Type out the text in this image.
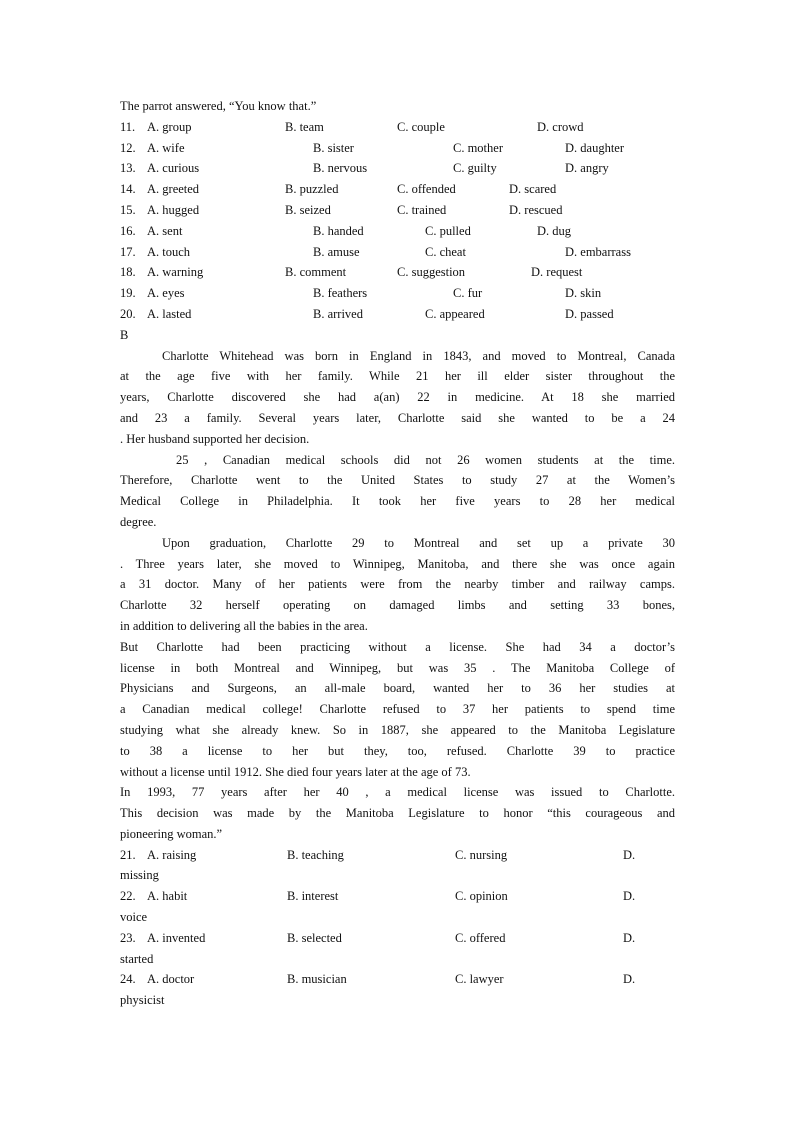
The parrot answered, “You know that.”
11. A. group	B. team	C. couple	D. crowd
12. A. wife	B. sister	C. mother	D. daughter
13. A. curious	B. nervous	C. guilty	D. angry
14. A. greeted	B. puzzled	C. offended	D. scared
15. A. hugged	B. seized	C. trained	D. rescued
16. A. sent	B. handed	C. pulled	D. dug
17. A. touch	B. amuse	C. cheat	D. embarrass
18. A. warning	B. comment	C. suggestion	D. request
19. A. eyes	B. feathers	C. fur	D. skin
20. A. lasted	B. arrived	C. appeared	D. passed
B
Charlotte Whitehead was born in England in 1843, and moved to Montreal, Canada
at the age five with her family. While 21 her ill elder sister throughout the
years, Charlotte discovered she had a(an) 22 in medicine. At 18 she married
and 23 a family. Several years later, Charlotte said she wanted to be a 24
. Her husband supported her decision.
25 , Canadian medical schools did not 26 women students at the time.
Therefore, Charlotte went to the United States to study 27 at the Women’s
Medical College in Philadelphia. It took her five years to 28 her medical
degree.
Upon graduation, Charlotte 29 to Montreal and set up a private 30
. Three years later, she moved to Winnipeg, Manitoba, and there she was once again
a 31 doctor. Many of her patients were from the nearby timber and railway camps.
Charlotte 32 herself operating on damaged limbs and setting 33 bones,
in addition to delivering all the babies in the area.
But Charlotte had been practicing without a license. She had 34 a doctor’s
license in both Montreal and Winnipeg, but was 35 . The Manitoba College of
Physicians and Surgeons, an all-male board, wanted her to 36 her studies at
a Canadian medical college! Charlotte refused to 37 her patients to spend time
studying what she already knew. So in 1887, she appeared to the Manitoba Legislature
to 38 a license to her but they, too, refused. Charlotte 39 to practice
without a license until 1912. She died four years later at the age of 73.
In 1993, 77 years after her 40 , a medical license was issued to Charlotte.
This decision was made by the Manitoba Legislature to honor “this courageous and
pioneering woman.”
21. A. raising	B. teaching	C. nursing	D.
missing
22. A. habit	B. interest	C. opinion	D.
voice
23. A. invented	B. selected	C. offered	D.
started
24. A. doctor	B. musician	C. lawyer	D.
physicist
